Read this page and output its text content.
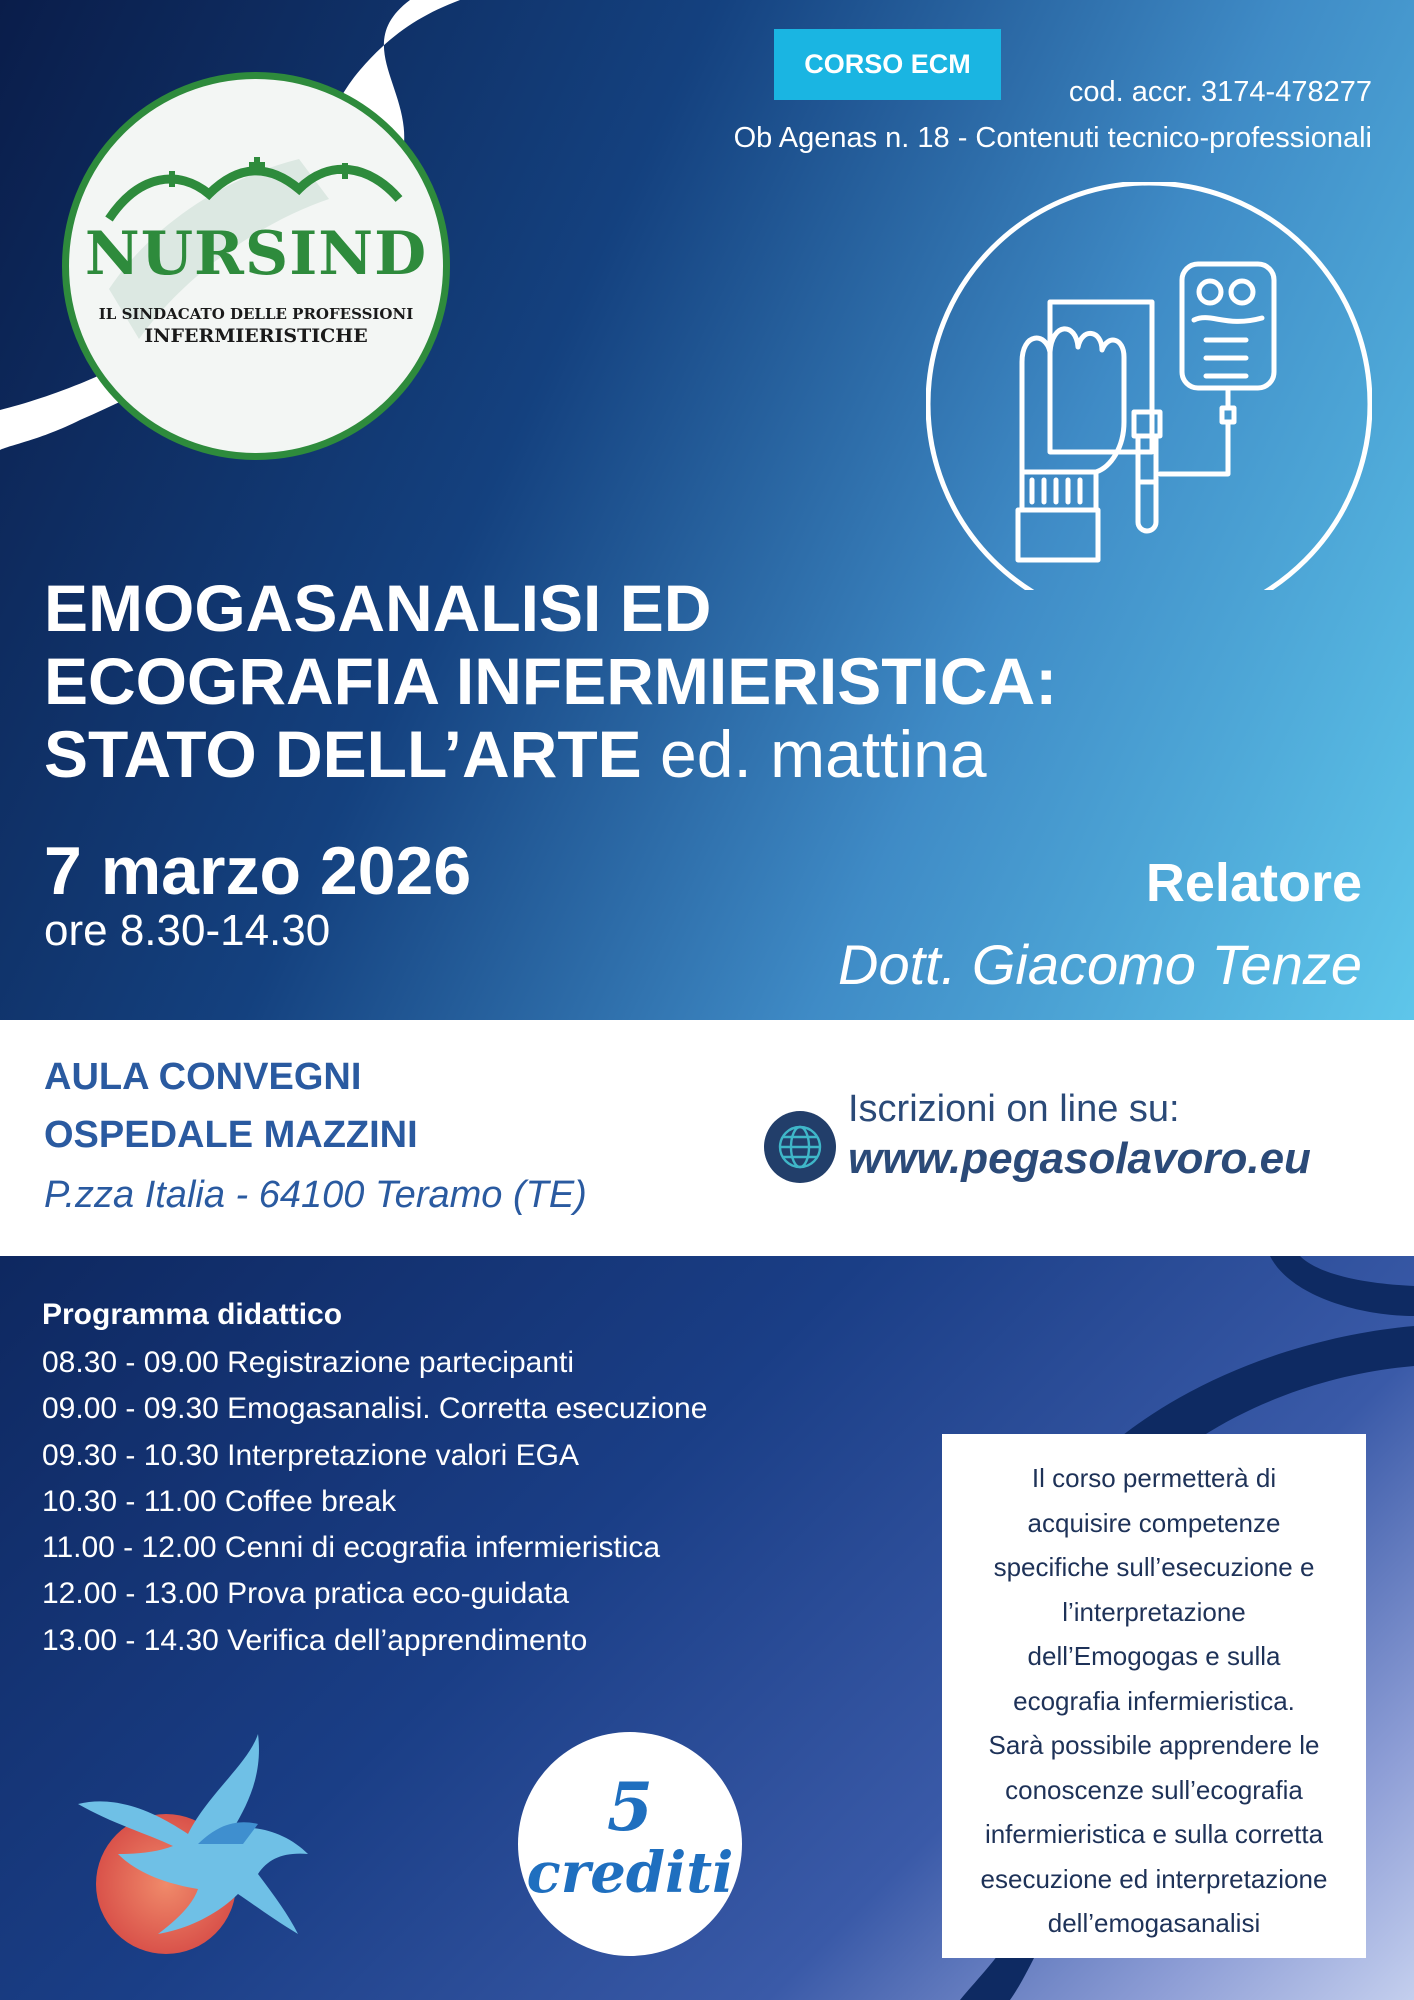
NURSIND
IL SINDACATO DELLE PROFESSIONI
INFERMIERISTICHE
CORSO ECM
cod. accr. 3174-478277
Ob Agenas n. 18 - Contenuti tecnico-professionali
EMOGASANALISI ED
ECOGRAFIA INFERMIERISTICA:
STATO DELL’ARTE ed. mattina
7 marzo 2026
ore 8.30-14.30
Relatore
Dott. Giacomo Tenze
AULA CONVEGNI
OSPEDALE MAZZINI
P.zza Italia - 64100 Teramo (TE)
Iscrizioni on line su:
www.pegasolavoro.eu
Programma didattico
08.30 - 09.00 Registrazione partecipanti
09.00 - 09.30 Emogasanalisi. Corretta esecuzione
09.30 - 10.30 Interpretazione valori EGA
10.30 - 11.00 Coffee break
11.00 - 12.00 Cenni di ecografia infermieristica
12.00 - 13.00 Prova pratica eco-guidata
13.00 - 14.30 Verifica dell’apprendimento

Il corso permetterà di

acquisire competenze

specifiche sull’esecuzione e

l’interpretazione

dell’Emogogas e sulla

ecografia infermieristica.

Sarà possibile apprendere le

conoscenze sull’ecografia

infermieristica e sulla corretta

esecuzione ed interpretazione

dell’emogasanalisi

5
crediti
